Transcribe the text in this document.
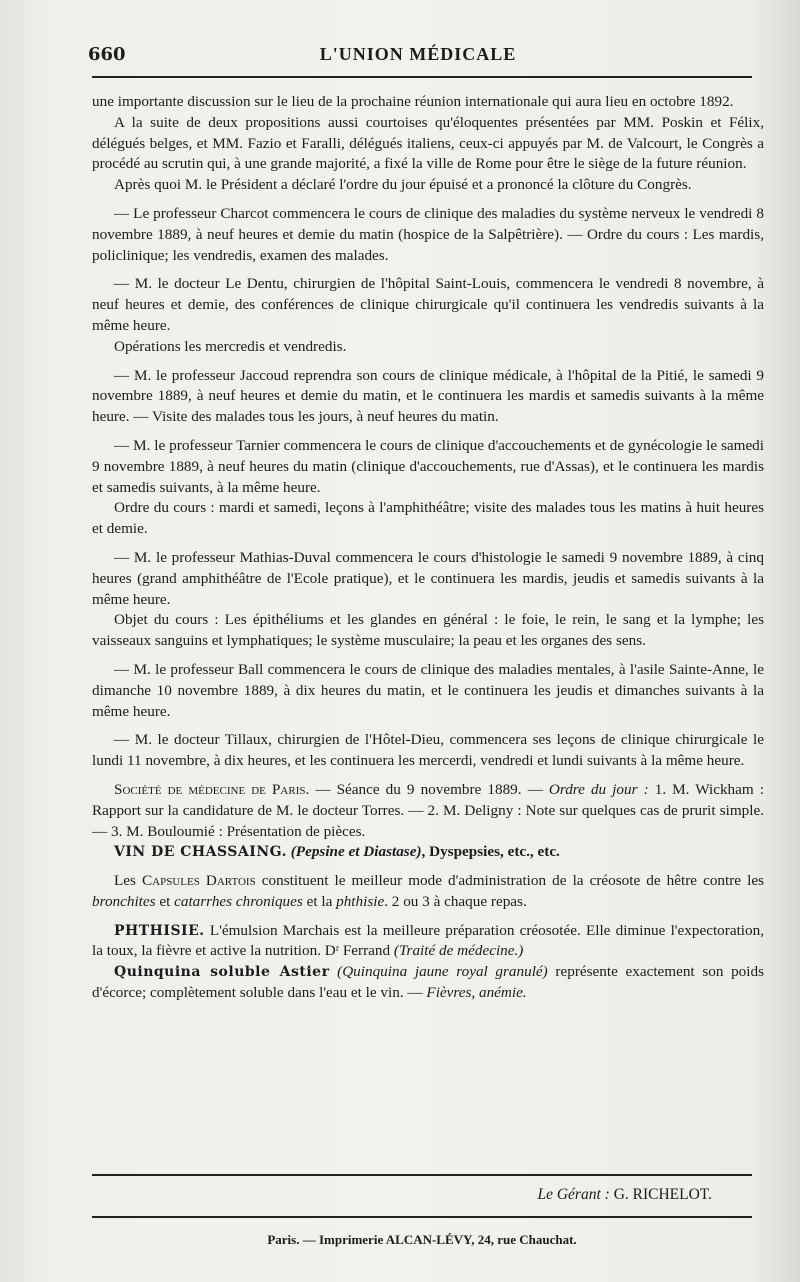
660	L'UNION MÉDICALE

une importante discussion sur le lieu de la prochaine réunion internationale qui aura lieu en octobre 1892.

A la suite de deux propositions aussi courtoises qu'éloquentes présentées par MM. Poskin et Félix, délégués belges, et MM. Fazio et Faralli, délégués italiens, ceux-ci appuyés par M. de Valcourt, le Congrès a procédé au scrutin qui, à une grande majorité, a fixé la ville de Rome pour être le siège de la future réunion.

Après quoi M. le Président a déclaré l'ordre du jour épuisé et a prononcé la clôture du Congrès.

— Le professeur Charcot commencera le cours de clinique des maladies du système nerveux le vendredi 8 novembre 1889, à neuf heures et demie du matin (hospice de la Salpêtrière). — Ordre du cours : Les mardis, policlinique; les vendredis, examen des malades.

— M. le docteur Le Dentu, chirurgien de l'hôpital Saint-Louis, commencera le vendredi 8 novembre, à neuf heures et demie, des conférences de clinique chirurgicale qu'il continuera les vendredis suivants à la même heure.

Opérations les mercredis et vendredis.

— M. le professeur Jaccoud reprendra son cours de clinique médicale, à l'hôpital de la Pitié, le samedi 9 novembre 1889, à neuf heures et demie du matin, et le continuera les mardis et samedis suivants à la même heure. — Visite des malades tous les jours, à neuf heures du matin.

— M. le professeur Tarnier commencera le cours de clinique d'accouchements et de gynécologie le samedi 9 novembre 1889, à neuf heures du matin (clinique d'accouchements, rue d'Assas), et le continuera les mardis et samedis suivants, à la même heure.

Ordre du cours : mardi et samedi, leçons à l'amphithéâtre; visite des malades tous les matins à huit heures et demie.

— M. le professeur Mathias-Duval commencera le cours d'histologie le samedi 9 novembre 1889, à cinq heures (grand amphithéâtre de l'Ecole pratique), et le continuera les mardis, jeudis et samedis suivants à la même heure.

Objet du cours : Les épithéliums et les glandes en général : le foie, le rein, le sang et la lymphe; les vaisseaux sanguins et lymphatiques; le système musculaire; la peau et les organes des sens.

— M. le professeur Ball commencera le cours de clinique des maladies mentales, à l'asile Sainte-Anne, le dimanche 10 novembre 1889, à dix heures du matin, et le continuera les jeudis et dimanches suivants à la même heure.

— M. le docteur Tillaux, chirurgien de l'Hôtel-Dieu, commencera ses leçons de clinique chirurgicale le lundi 11 novembre, à dix heures, et les continuera les mercerdi, vendredi et lundi suivants à la même heure.

Société de médecine de Paris. — Séance du 9 novembre 1889. — Ordre du jour : 1. M. Wickham : Rapport sur la candidature de M. le docteur Torres. — 2. M. Deligny : Note sur quelques cas de prurit simple. — 3. M. Bouloumié : Présentation de pièces.

VIN DE CHASSAING. (Pepsine et Diastase), Dyspepsies, etc., etc.

Les Capsules Dartois constituent le meilleur mode d'administration de la créosote de hêtre contre les bronchites et catarrhes chroniques et la phthisie. 2 ou 3 à chaque repas.

PHTHISIE. L'émulsion Marchais est la meilleure préparation créosotée. Elle diminue l'expectoration, la toux, la fièvre et active la nutrition. Dʳ Ferrand (Traité de médecine.)

Quinquina soluble Astier (Quinquina jaune royal granulé) représente exactement son poids d'écorce; complètement soluble dans l'eau et le vin. — Fièvres, anémie.

Le Gérant : G. RICHELOT.
Paris. — Imprimerie ALCAN-LÉVY, 24, rue Chauchat.
